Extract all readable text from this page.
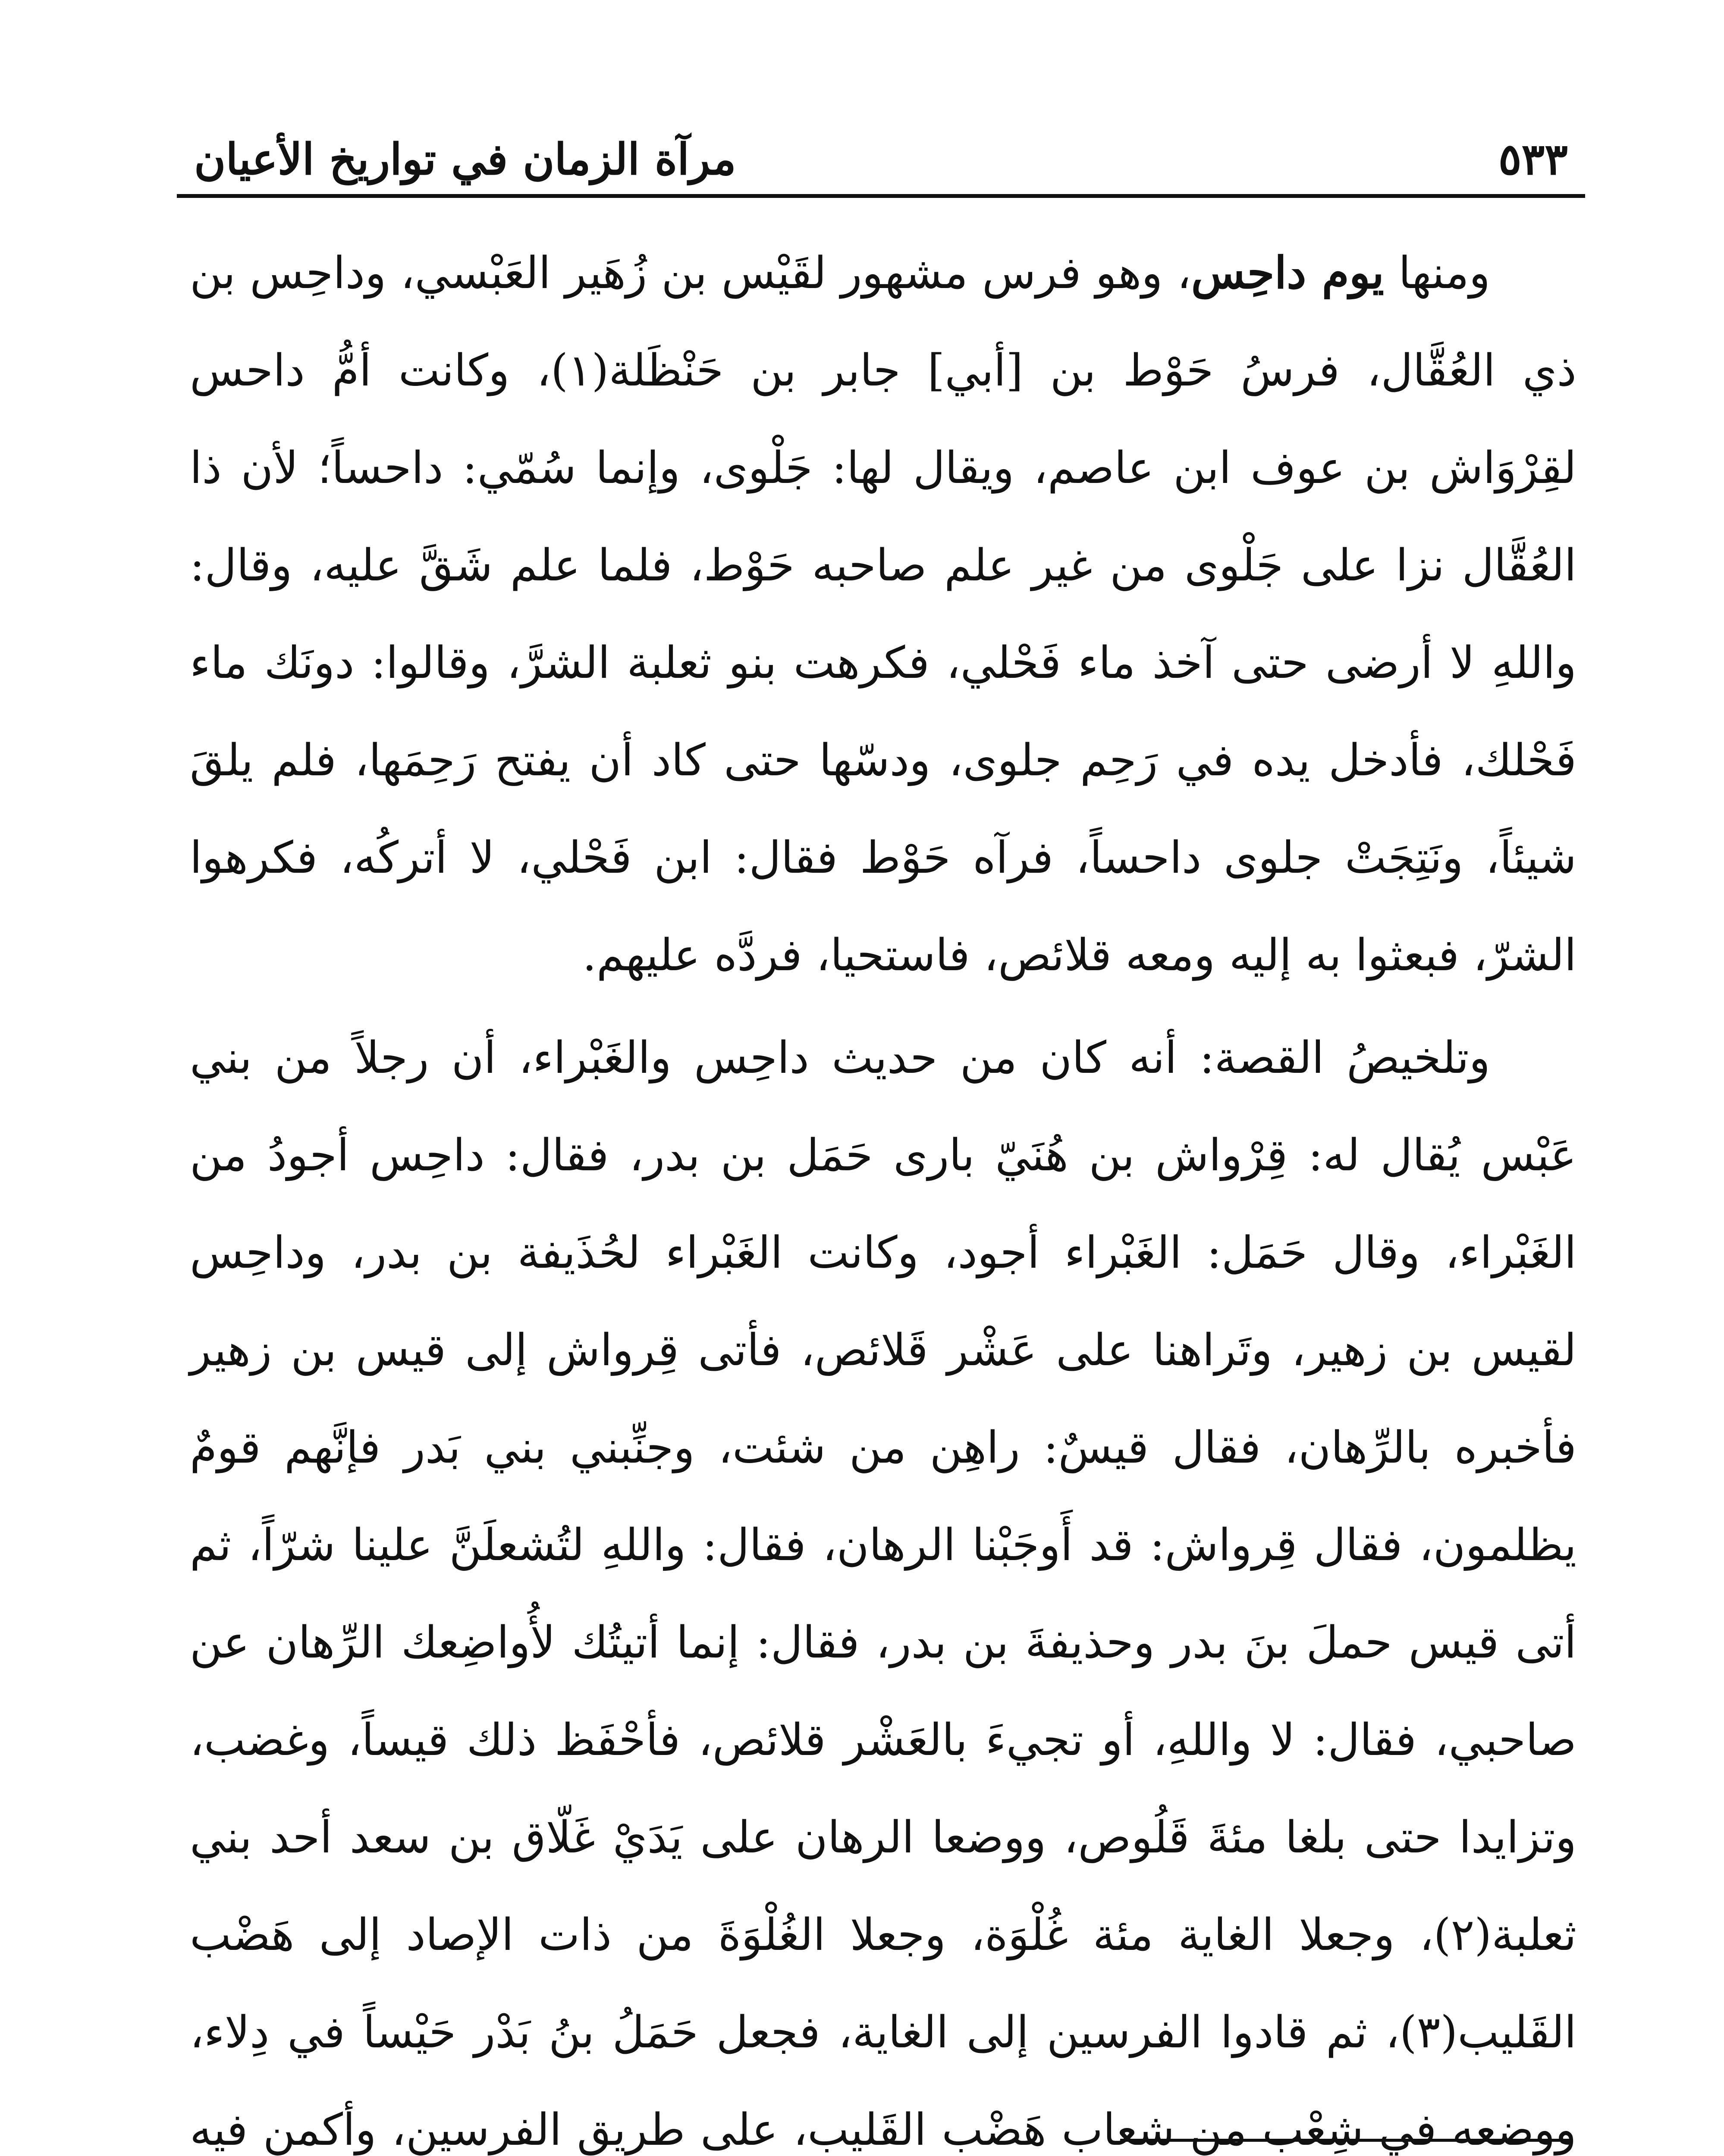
٥٣٣
مرآة الزمان في تواريخ الأعيان

ومنها يوم داحِس، وهو فرس مشهور لقَيْس بن زُهَير العَبْسي، وداحِس بن ذي العُقَّال، فرسُ حَوْط بن [أبي] جابر بن حَنْظَلة(١)، وكانت أمُّ داحس لقِرْوَاش بن عوف ابن عاصم، ويقال لها: جَلْوى، وإنما سُمّي: داحساً؛ لأن ذا العُقَّال نزا على جَلْوى من غير علم صاحبه حَوْط، فلما علم شَقَّ عليه، وقال: واللهِ لا أرضى حتى آخذ ماء فَحْلي، فكرهت بنو ثعلبة الشرَّ، وقالوا: دونَك ماء فَحْلك، فأدخل يده في رَحِم جلوى، ودسّها حتى كاد أن يفتح رَحِمَها، فلم يلقَ شيئاً، ونَتِجَتْ جلوى داحساً، فرآه حَوْط فقال: ابن فَحْلي، لا أتركُه، فكرهوا الشرّ، فبعثوا به إليه ومعه قلائص، فاستحيا، فردَّه عليهم.

وتلخيصُ القصة: أنه كان من حديث داحِس والغَبْراء، أن رجلاً من بني عَبْس يُقال له: قِرْواش بن هُنَيّ بارى حَمَل بن بدر، فقال: داحِس أجودُ من الغَبْراء، وقال حَمَل: الغَبْراء أجود، وكانت الغَبْراء لحُذَيفة بن بدر، وداحِس لقيس بن زهير، وتَراهنا على عَشْر قَلائص، فأتى قِرواش إلى قيس بن زهير فأخبره بالرِّهان، فقال قيسٌ: راهِن من شئت، وجنِّبني بني بَدر فإنَّهم قومٌ يظلمون، فقال قِرواش: قد أَوجَبْنا الرهان، فقال: واللهِ لتُشعلَنَّ علينا شرّاً، ثم أتى قيس حملَ بنَ بدر وحذيفةَ بن بدر، فقال: إنما أتيتُك لأُواضِعك الرِّهان عن صاحبي، فقال: لا واللهِ، أو تجيءَ بالعَشْر قلائص، فأحْفَظ ذلك قيساً، وغضب، وتزايدا حتى بلغا مئةَ قَلُوص، ووضعا الرهان على يَدَيْ غَلّاق بن سعد أحد بني ثعلبة(٢)، وجعلا الغاية مئة غُلْوَة، وجعلا الغُلْوَةَ من ذات الإصاد إلى هَضْب القَليب(٣)، ثم قادوا الفرسين إلى الغاية، فجعل حَمَلُ بنُ بَدْر حَيْساً في دِلاء، ووضعه في شِعْب من شعاب هَضْب القَليب، على طريق الفرسين، وأكمن فيه
